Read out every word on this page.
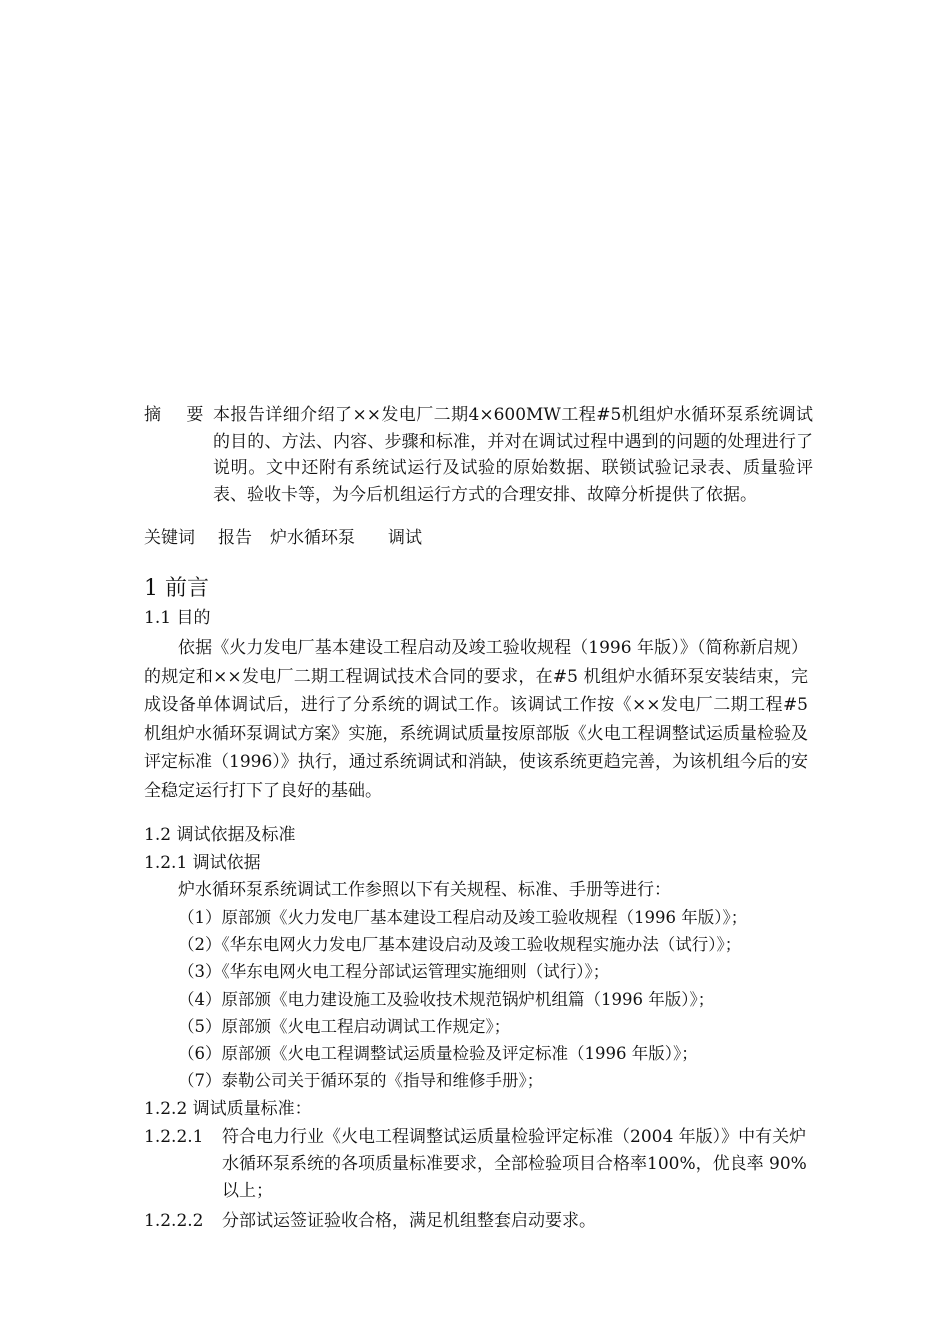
摘 要 本报告详细介绍了××发电厂二期4×600MW工程#5机组炉水循环泵系统调试的目的、方法、内容、步骤和标准，并对在调试过程中遇到的问题的处理进行了说明。文中还附有系统试运行及试验的原始数据、联锁试验记录表、质量验评表、验收卡等，为今后机组运行方式的合理安排、故障分析提供了依据。
关键词 报告 炉水循环泵 调试
1 前言
1.1 目的
依据《火力发电厂基本建设工程启动及竣工验收规程（1996 年版）》（简称新启规）的规定和××发电厂二期工程调试技术合同的要求，在#5 机组炉水循环泵安装结束，完成设备单体调试后，进行了分系统的调试工作。该调试工作按《××发电厂二期工程#5 机组炉水循环泵调试方案》实施，系统调试质量按原部版《火电工程调整试运质量检验及评定标准（1996）》执行，通过系统调试和消缺，使该系统更趋完善，为该机组今后的安全稳定运行打下了良好的基础。
1.2 调试依据及标准
1.2.1 调试依据
炉水循环泵系统调试工作参照以下有关规程、标准、手册等进行：
（1）原部颁《火力发电厂基本建设工程启动及竣工验收规程（1996 年版）》；
（2）《华东电网火力发电厂基本建设启动及竣工验收规程实施办法（试行）》；
（3）《华东电网火电工程分部试运管理实施细则（试行）》；
（4）原部颁《电力建设施工及验收技术规范锅炉机组篇（1996 年版）》；
（5）原部颁《火电工程启动调试工作规定》；
（6）原部颁《火电工程调整试运质量检验及评定标准（1996 年版）》；
（7）泰勒公司关于循环泵的《指导和维修手册》；
1.2.2 调试质量标准：
1.2.2.1 符合电力行业《火电工程调整试运质量检验评定标准（2004 年版）》中有关炉水循环泵系统的各项质量标准要求，全部检验项目合格率100%，优良率 90%以上；
1.2.2.2 分部试运签证验收合格，满足机组整套启动要求。
